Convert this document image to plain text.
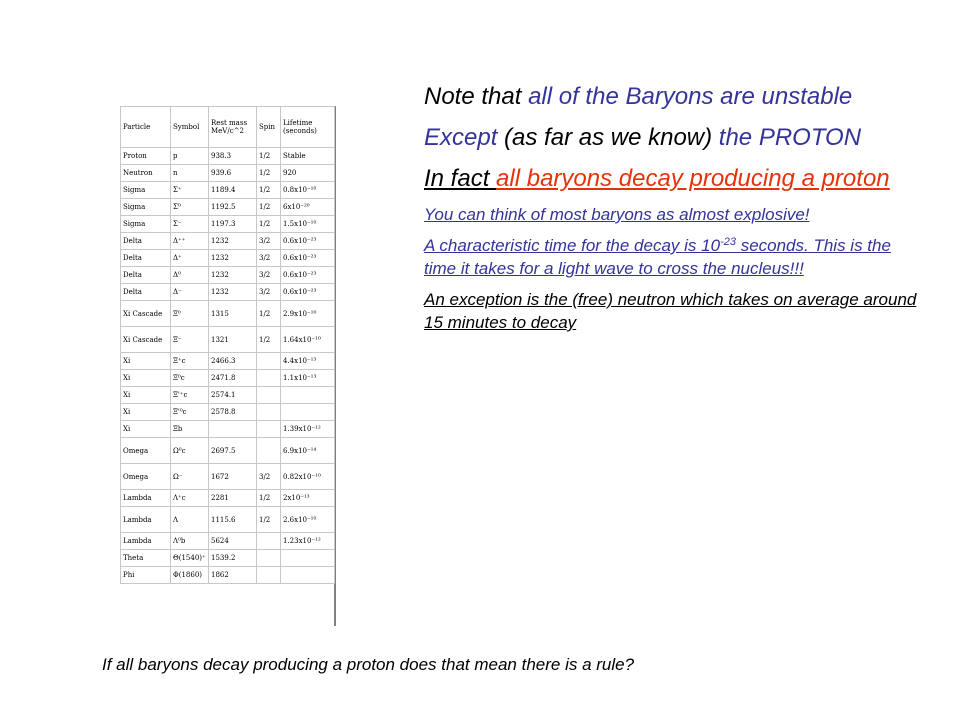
Particle	Symbol	Rest mass MeV/c^2	Spin	Lifetime (seconds)
Proton	p	938.3	1/2	Stable
Neutron	n	939.6	1/2	920
Sigma	Σ⁺	1189.4	1/2	0.8x10⁻¹⁰
Sigma	Σ⁰	1192.5	1/2	6x10⁻²⁰
Sigma	Σ⁻	1197.3	1/2	1.5x10⁻¹⁰
Delta	Δ⁺⁺	1232	3/2	0.6x10⁻²³
Delta	Δ⁺	1232	3/2	0.6x10⁻²³
Delta	Δ⁰	1232	3/2	0.6x10⁻²³
Delta	Δ⁻	1232	3/2	0.6x10⁻²³
Xi Cascade	Ξ⁰	1315	1/2	2.9x10⁻¹⁰
Xi Cascade	Ξ⁻	1321	1/2	1.64x10⁻¹⁰
Xi	Ξ⁺c	2466.3		4.4x10⁻¹³
Xi	Ξ⁰c	2471.8		1.1x10⁻¹³
Xi	Ξ'⁺c	2574.1		
Xi	Ξ'⁰c	2578.8		
Xi	Ξb			1.39x10⁻¹²
Omega	Ω⁰c	2697.5		6.9x10⁻¹⁴
Omega	Ω⁻	1672	3/2	0.82x10⁻¹⁰
Lambda	Λ⁺c	2281	1/2	2x10⁻¹³
Lambda	Λ	1115.6	1/2	2.6x10⁻¹⁰
Lambda	Λ⁰b	5624		1.23x10⁻¹²
Theta	Θ(1540)⁺	1539.2		
Phi	Φ(1860)	1862		

Note that all of the Baryons are unstable

Except (as far as we know) the PROTON

In fact all baryons decay producing a proton

You can think of most baryons as almost explosive!

A characteristic time for the decay is $10^{-23}$ seconds. This is the time it takes for a light wave to cross the nucleus!!!

An exception is the (free) neutron which takes on average around 15 minutes to decay

If all baryons decay producing a proton does that mean there is a rule?
